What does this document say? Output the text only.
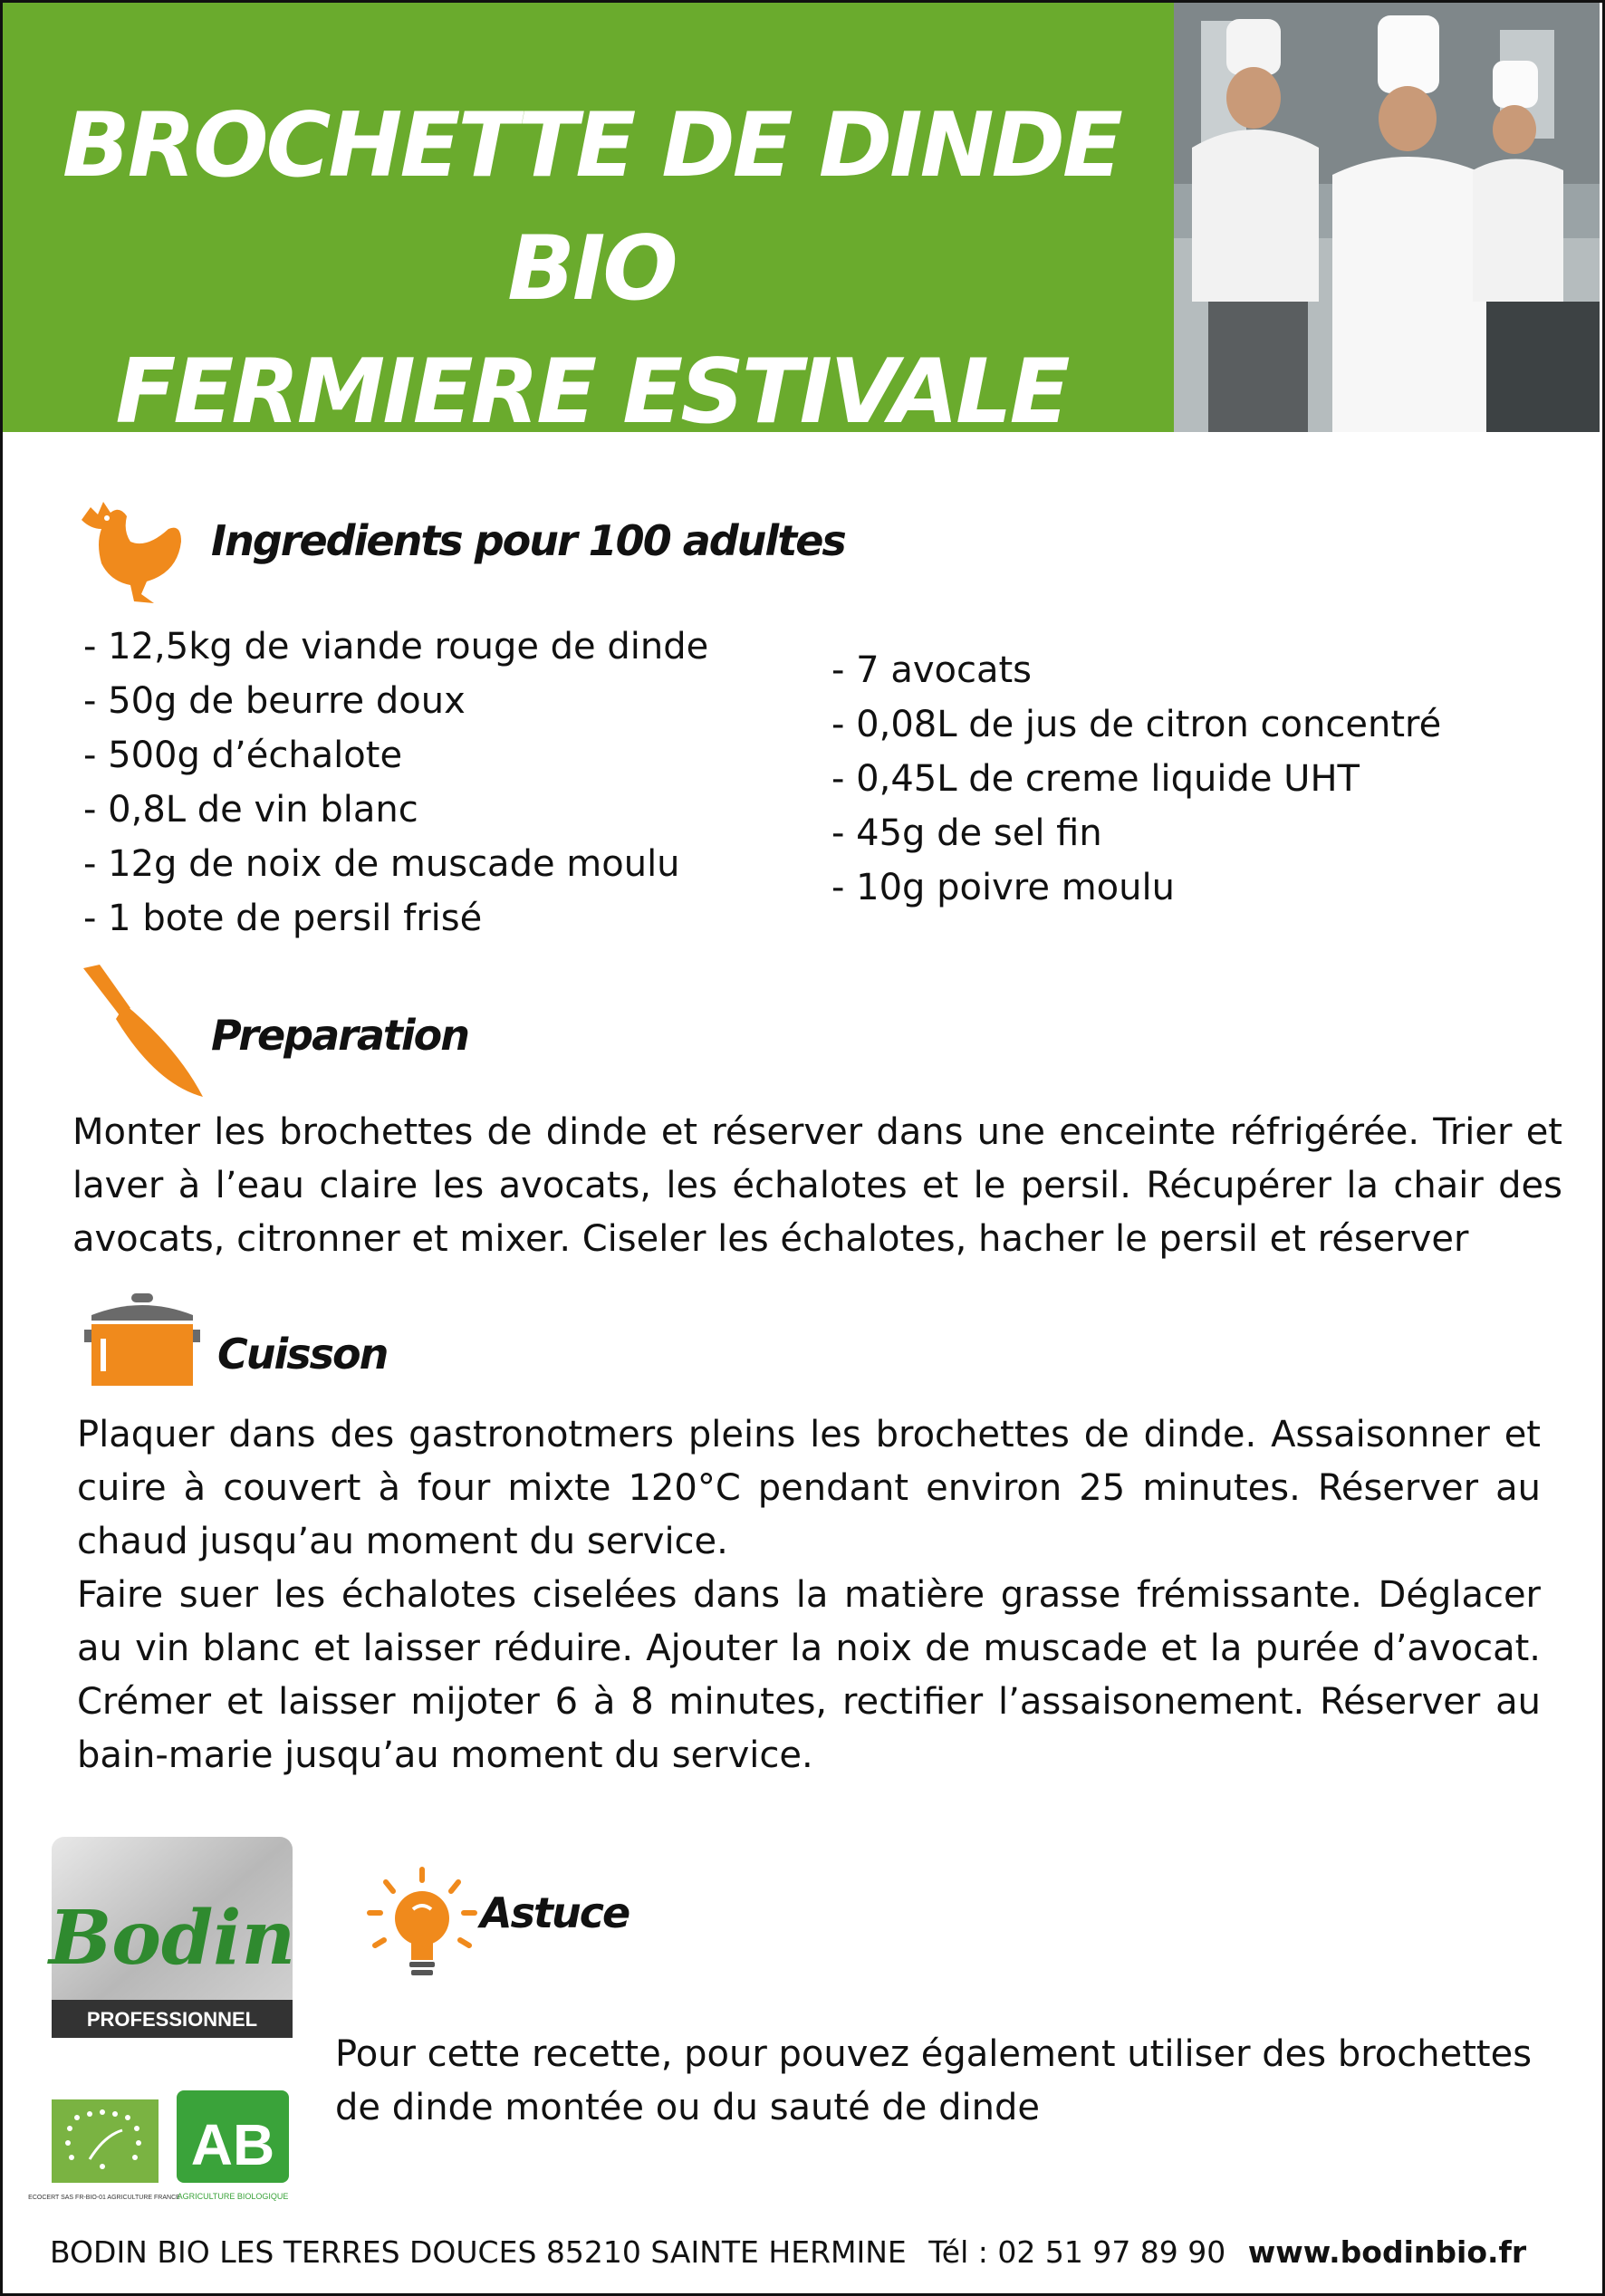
BROCHETTE DE DINDE BIO
FERMIERE ESTIVALE
Ingredients pour 100 adultes
- 12,5kg de viande rouge de dinde
- 50g de beurre doux
- 500g d’échalote
- 0,8L de vin blanc
- 12g de noix de muscade moulu
- 1 bote de persil frisé
- 7 avocats
- 0,08L de jus de citron concentré
- 0,45L de creme liquide UHT
- 45g de sel fin
- 10g poivre moulu
Preparation

Monter les brochettes de dinde et réserver dans une enceinte réfrigérée. Trier et laver à l’eau claire les avocats, les échalotes et le persil. Récupérer la chair des avocats, citronner et mixer. Ciseler les échalotes, hacher le persil et réserver

Cuisson

Plaquer dans des gastronotmers pleins les brochettes de dinde. Assaisonner et cuire à couvert à four mixte 120°C pendant environ 25 minutes. Réserver au chaud jusqu’au moment du service.

Faire suer les échalotes ciselées dans la matière grasse frémissante. Déglacer au vin blanc et laisser réduire. Ajouter la noix de muscade et la purée d’avocat. Crémer et laisser mijoter 6 à 8 minutes, rectifier l’assaisonement. Réserver au bain-marie jusqu’au moment du service.

Astuce

Pour cette recette, pour pouvez également utiliser des brochettes de dinde montée ou du sauté de dinde

Bodin
PROFESSIONNEL
ECOCERT SAS FR-BIO-01 AGRICULTURE FRANCE
AB
AGRICULTURE BIOLOGIQUE
BODIN BIO LES TERRES DOUCES 85210 SAINTE HERMINE Tél : 02 51 97 89 90 www.bodinbio.fr
